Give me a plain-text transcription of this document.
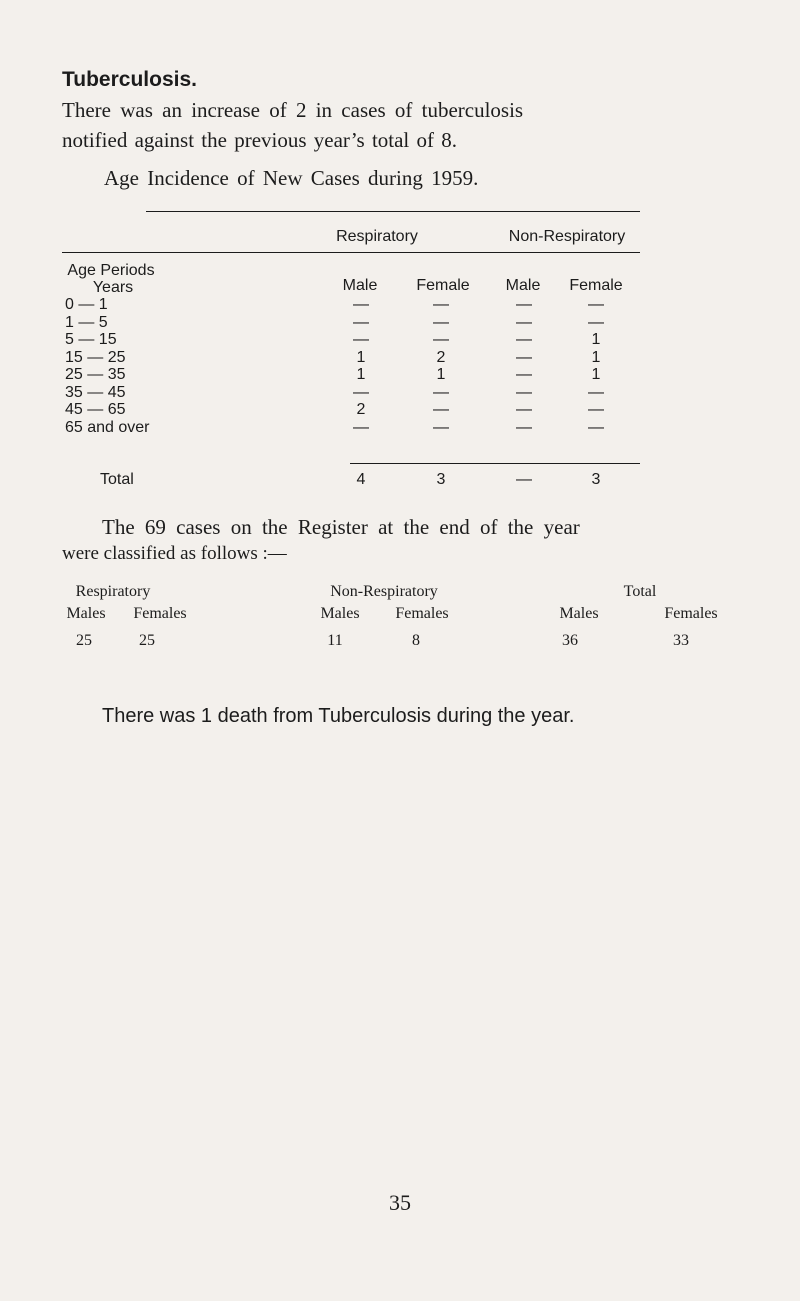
Tuberculosis.
There was an increase of 2 in cases of tuberculosis
notified against the previous year’s total of 8.
Age Incidence of New Cases during 1959.
Respiratory	Non-Respiratory
Age Periods
Years	Male Female Male Female
0 — 1	—	—	—	—
1 — 5	—	—	—	—
5 — 15	—	—	—	1
15 — 25	1	2	—	1
25 — 35	1	1	—	1
35 — 45	—	—	—	—
45 — 65	2	—	—	—
65 and over	—	—	—	—
Total	4	3	—	3
The 69 cases on the Register at the end of the year
were classified as follows :—
Respiratory
Males Females
25	25
Non-Respiratory
Males Females
11	8
Total
Males	Females
36	33
There was 1 death from Tuberculosis during the year.
35
